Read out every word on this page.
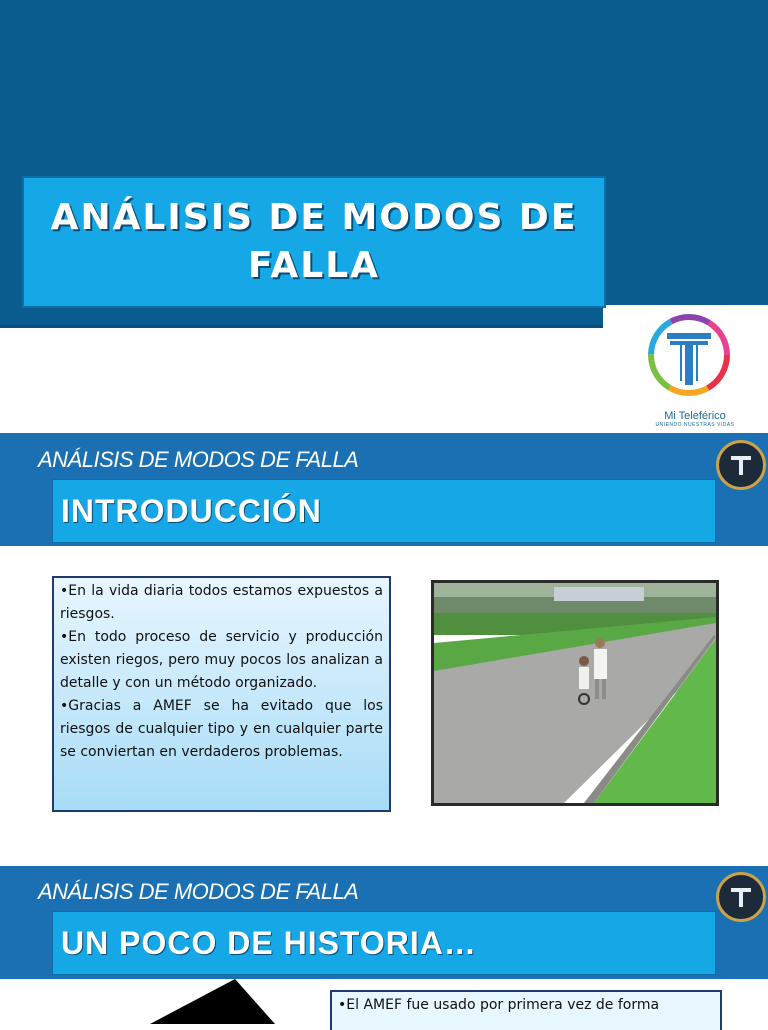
ANÁLISIS DE MODOS DE FALLA
Mi Teleférico
UNIENDO NUESTRAS VIDAS
ANÁLISIS DE MODOS DE FALLA
INTRODUCCIÓN

•En la vida diaria todos estamos expuestos a riesgos.

•En todo proceso de servicio y producción existen riegos, pero muy pocos los analizan a detalle y con un método organizado.

•Gracias a AMEF se ha evitado que los riesgos de cualquier tipo y en cualquier parte se conviertan en verdaderos problemas.

ANÁLISIS DE MODOS DE FALLA
UN POCO DE HISTORIA…

•El AMEF fue usado por primera vez de forma
